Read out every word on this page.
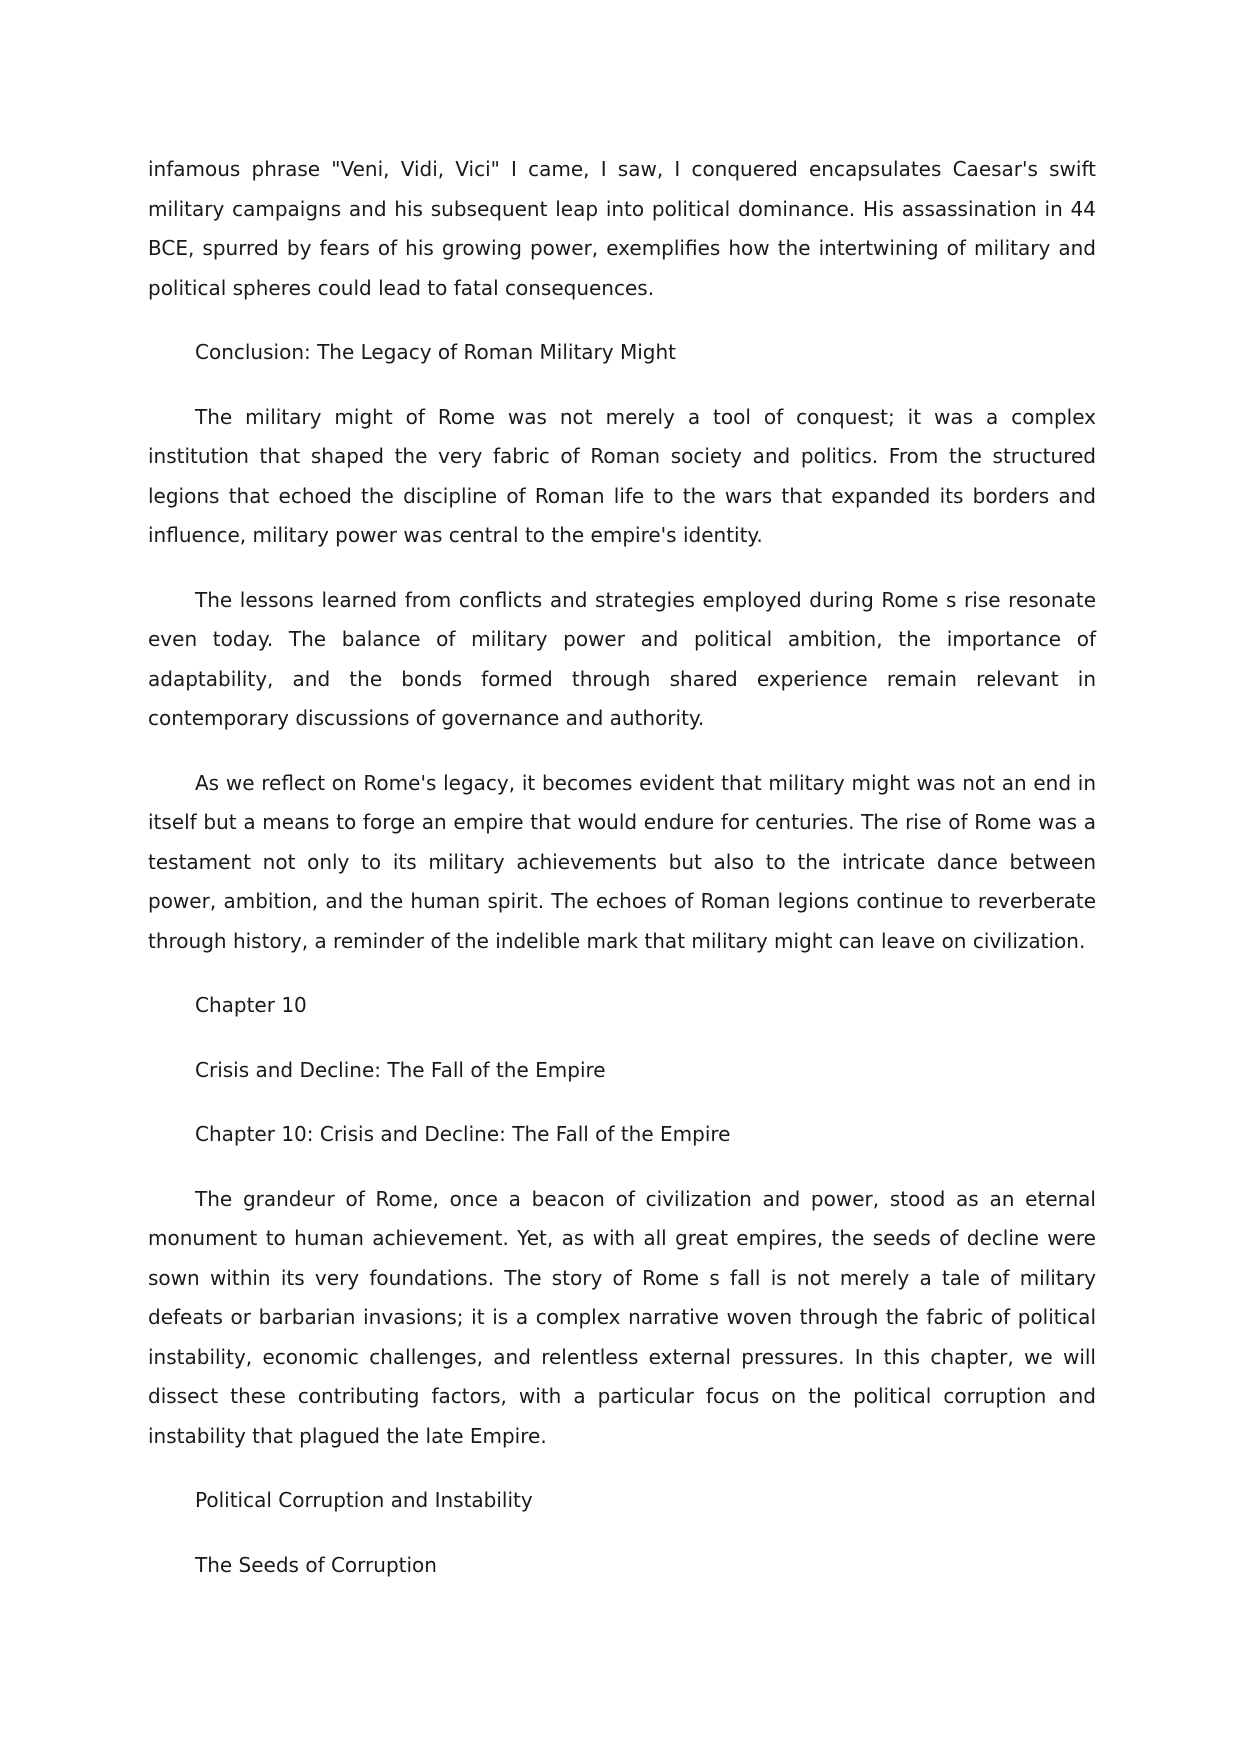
infamous phrase "Veni, Vidi, Vici" I came, I saw, I conquered encapsulates Caesar's swift military campaigns and his subsequent leap into political dominance. His assassination in 44 BCE, spurred by fears of his growing power, exemplifies how the intertwining of military and political spheres could lead to fatal consequences.

Conclusion: The Legacy of Roman Military Might

The military might of Rome was not merely a tool of conquest; it was a complex institution that shaped the very fabric of Roman society and politics. From the structured legions that echoed the discipline of Roman life to the wars that expanded its borders and influence, military power was central to the empire's identity.

The lessons learned from conflicts and strategies employed during Rome s rise resonate even today. The balance of military power and political ambition, the importance of adaptability, and the bonds formed through shared experience remain relevant in contemporary discussions of governance and authority.

As we reflect on Rome's legacy, it becomes evident that military might was not an end in itself but a means to forge an empire that would endure for centuries. The rise of Rome was a testament not only to its military achievements but also to the intricate dance between power, ambition, and the human spirit. The echoes of Roman legions continue to reverberate through history, a reminder of the indelible mark that military might can leave on civilization.

Chapter 10

Crisis and Decline: The Fall of the Empire

Chapter 10: Crisis and Decline: The Fall of the Empire

The grandeur of Rome, once a beacon of civilization and power, stood as an eternal monument to human achievement. Yet, as with all great empires, the seeds of decline were sown within its very foundations. The story of Rome s fall is not merely a tale of military defeats or barbarian invasions; it is a complex narrative woven through the fabric of political instability, economic challenges, and relentless external pressures. In this chapter, we will dissect these contributing factors, with a particular focus on the political corruption and instability that plagued the late Empire.

Political Corruption and Instability

The Seeds of Corruption
